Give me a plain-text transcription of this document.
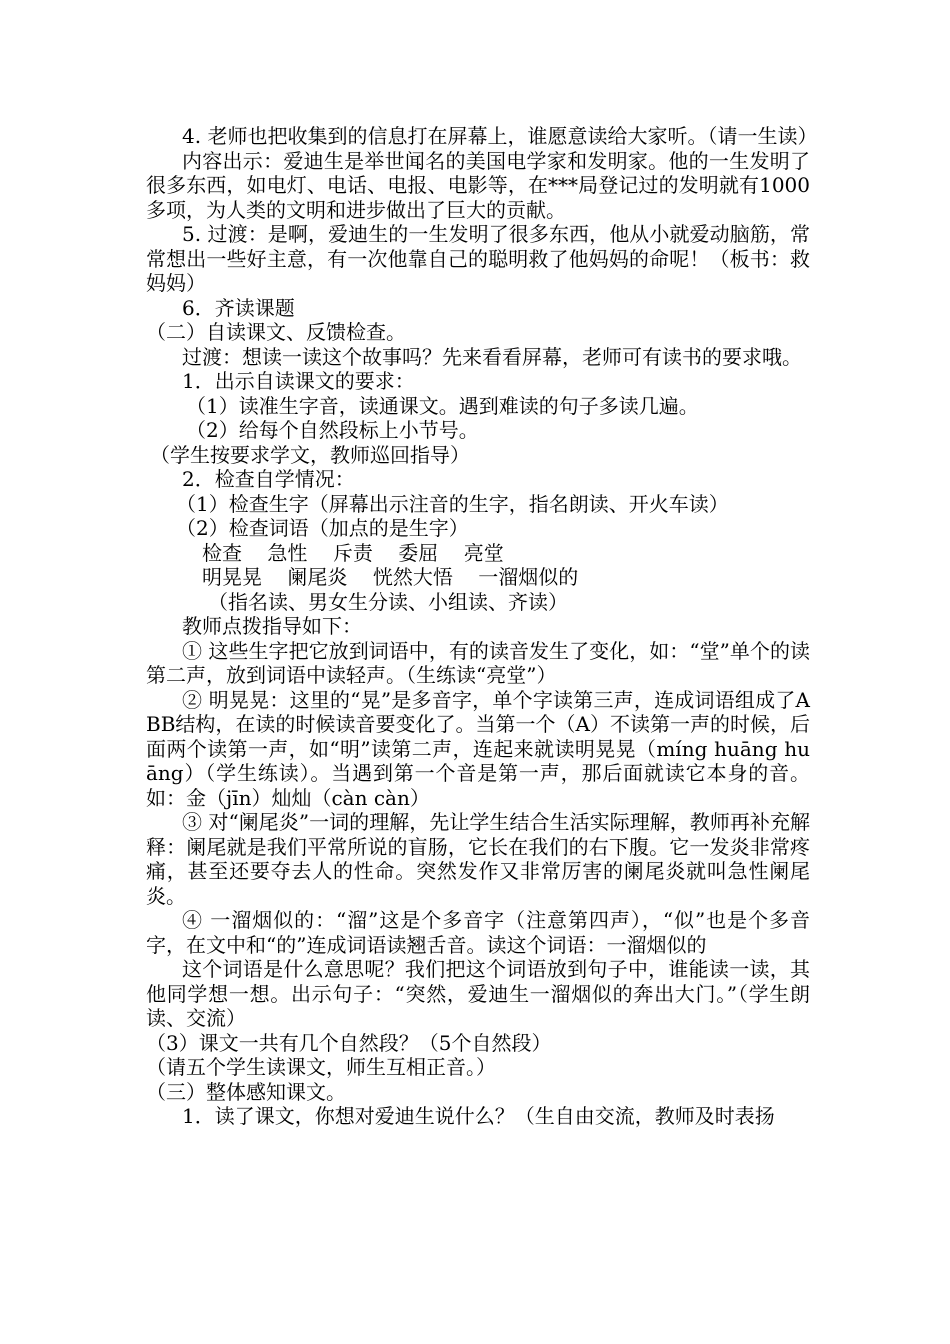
4. 老师也把收集到的信息打在屏幕上，谁愿意读给大家听。（请一生读）

内容出示：爱迪生是举世闻名的美国电学家和发明家。他的一生发明了很多东西，如电灯、电话、电报、电影等，在***局登记过的发明就有1000多项，为人类的文明和进步做出了巨大的贡献。

5. 过渡：是啊，爱迪生的一生发明了很多东西，他从小就爱动脑筋，常常想出一些好主意，有一次他靠自己的聪明救了他妈妈的命呢！（板书：救妈妈）

6．齐读课题

（二）自读课文、反馈检查。

过渡：想读一读这个故事吗？先来看看屏幕，老师可有读书的要求哦。

1．出示自读课文的要求：

（1）读准生字音，读通课文。遇到难读的句子多读几遍。

（2）给每个自然段标上小节号。

（学生按要求学文，教师巡回指导）

2．检查自学情况：

（1）检查生字（屏幕出示注音的生字，指名朗读、开火车读）

（2）检查词语（加点的是生字）

检查    急性    斥责    委屈    亮堂

明晃晃    阑尾炎    恍然大悟    一溜烟似的

（指名读、男女生分读、小组读、齐读）

教师点拨指导如下：

① 这些生字把它放到词语中，有的读音发生了变化，如：“堂”单个的读第二声，放到词语中读轻声。（生练读“亮堂”）

② 明晃晃：这里的“晃”是多音字，单个字读第三声，连成词语组成了ABB结构，在读的时候读音要变化了。当第一个（A）不读第一声的时候，后面两个读第一声，如“明”读第二声，连起来就读明晃晃（míng huāng huāng）（学生练读）。当遇到第一个音是第一声，那后面就读它本身的音。如：金（jīn）灿灿（càn càn）

③ 对“阑尾炎”一词的理解，先让学生结合生活实际理解，教师再补充解释：阑尾就是我们平常所说的盲肠，它长在我们的右下腹。它一发炎非常疼痛，甚至还要夺去人的性命。突然发作又非常厉害的阑尾炎就叫急性阑尾炎。

④ 一溜烟似的：“溜”这是个多音字（注意第四声），“似”也是个多音字，在文中和“的”连成词语读翘舌音。读这个词语：一溜烟似的

这个词语是什么意思呢？我们把这个词语放到句子中，谁能读一读，其他同学想一想。出示句子：“突然，爱迪生一溜烟似的奔出大门。”（学生朗读、交流）

（3）课文一共有几个自然段？（5个自然段）

（请五个学生读课文，师生互相正音。）

（三）整体感知课文。

1．读了课文，你想对爱迪生说什么？（生自由交流，教师及时表扬
